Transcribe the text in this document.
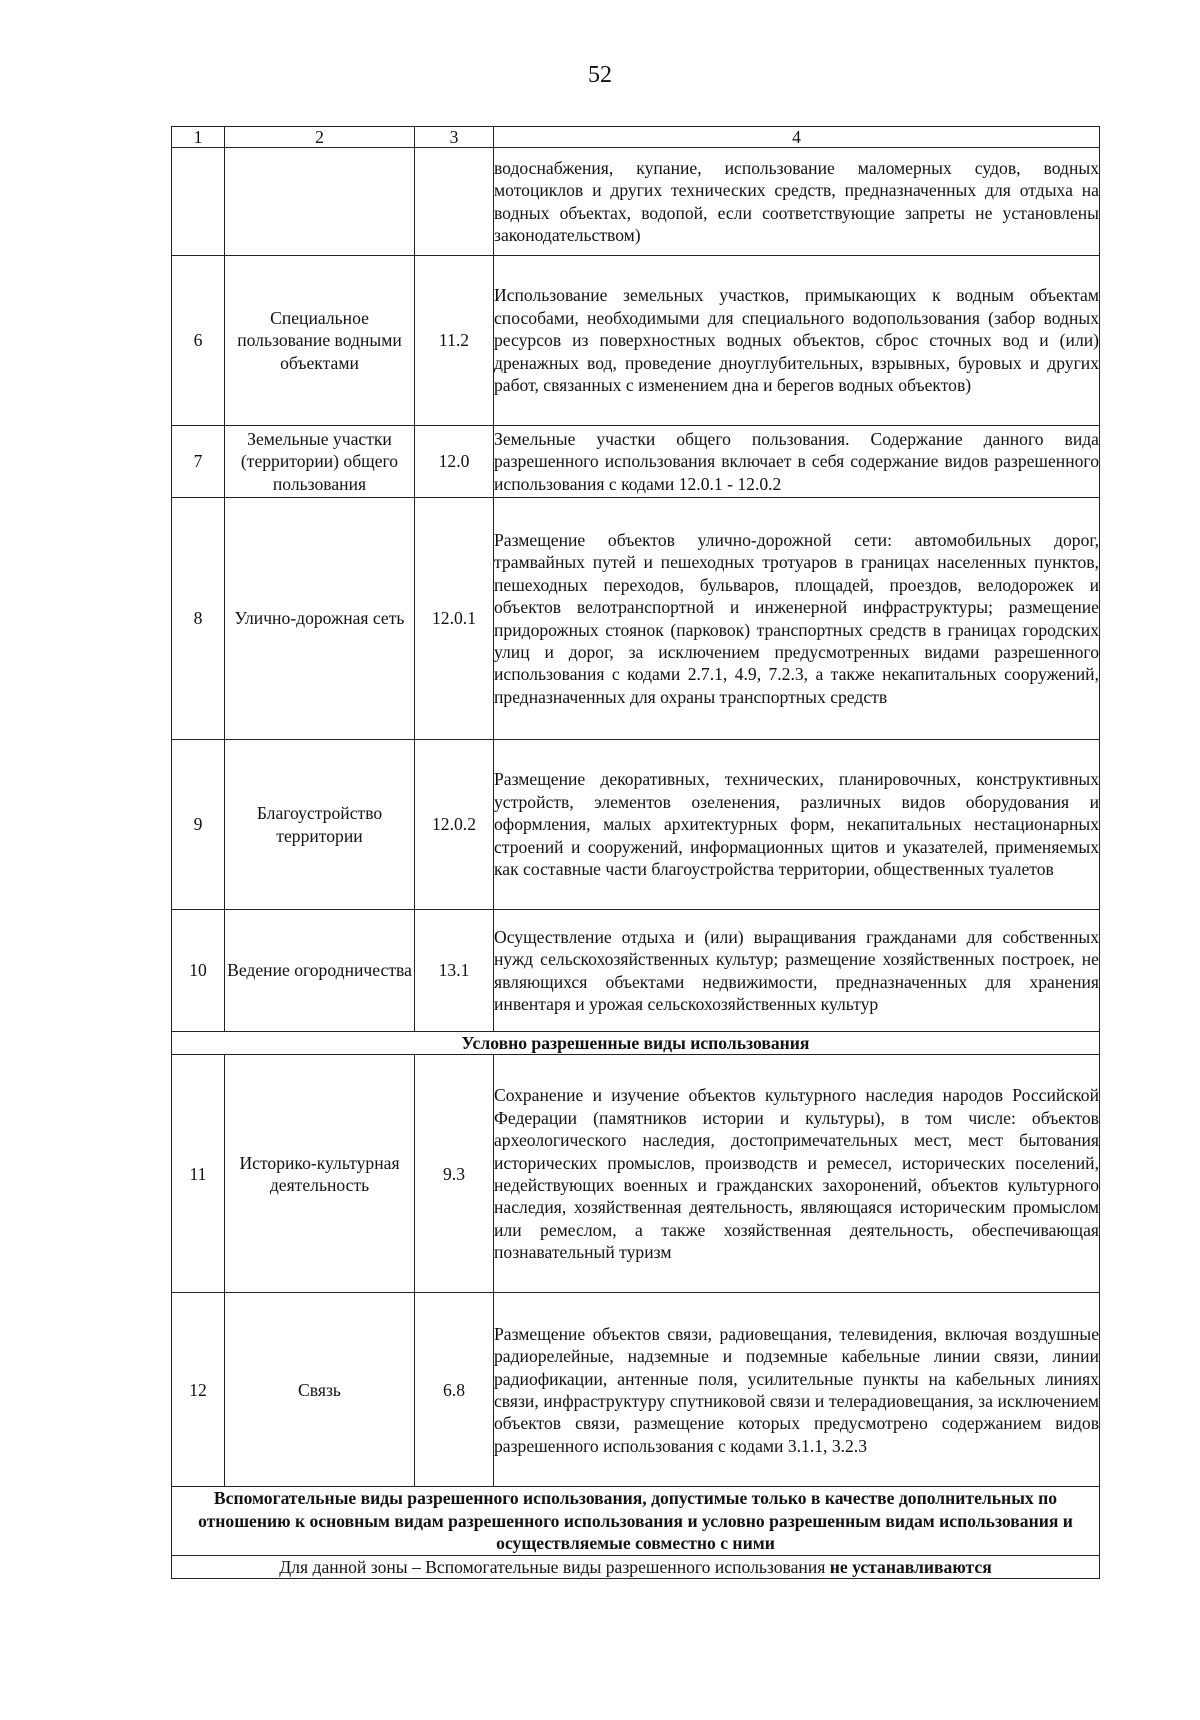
52
1	2	3	4
			водоснабжения, купание, использование маломерных судов, водных мотоциклов и других технических средств, предназначенных для отдыха на водных объектах, водопой, если соответствующие запреты не установлены законодательством)
6	Специальное пользование водными объектами	11.2	Использование земельных участков, примыкающих к водным объектам способами, необходимыми для специального водопользования (забор водных ресурсов из поверхностных водных объектов, сброс сточных вод и (или) дренажных вод, проведение дноуглубительных, взрывных, буровых и других работ, связанных с изменением дна и берегов водных объектов)
7	Земельные участки (территории) общего пользования	12.0	Земельные участки общего пользования. Содержание данного вида разрешенного использования включает в себя содержание видов разрешенного использования с кодами 12.0.1 - 12.0.2
8	Улично-дорожная сеть	12.0.1	Размещение объектов улично-дорожной сети: автомобильных дорог, трамвайных путей и пешеходных тротуаров в границах населенных пунктов, пешеходных переходов, бульваров, площадей, проездов, велодорожек и объектов велотранспортной и инженерной инфраструктуры; размещение придорожных стоянок (парковок) транспортных средств в границах городских улиц и дорог, за исключением предусмотренных видами разрешенного использования с кодами 2.7.1, 4.9, 7.2.3, а также некапитальных сооружений, предназначенных для охраны транспортных средств
9	Благоустройство территории	12.0.2	Размещение декоративных, технических, планировочных, конструктивных устройств, элементов озеленения, различных видов оборудования и оформления, малых архитектурных форм, некапитальных нестационарных строений и сооружений, информационных щитов и указателей, применяемых как составные части благоустройства территории, общественных туалетов
10	Ведение огородничества	13.1	Осуществление отдыха и (или) выращивания гражданами для собственных нужд сельскохозяйственных культур; размещение хозяйственных построек, не являющихся объектами недвижимости, предназначенных для хранения инвентаря и урожая сельскохозяйственных культур
Условно разрешенные виды использования			
11	Историко-культурная деятельность	9.3	Сохранение и изучение объектов культурного наследия народов Российской Федерации (памятников истории и культуры), в том числе: объектов археологического наследия, достопримечательных мест, мест бытования исторических промыслов, производств и ремесел, исторических поселений, недействующих военных и гражданских захоронений, объектов культурного наследия, хозяйственная деятельность, являющаяся историческим промыслом или ремеслом, а также хозяйственная деятельность, обеспечивающая познавательный туризм
12	Связь	6.8	Размещение объектов связи, радиовещания, телевидения, включая воздушные радиорелейные, надземные и подземные кабельные линии связи, линии радиофикации, антенные поля, усилительные пункты на кабельных линиях связи, инфраструктуру спутниковой связи и телерадиовещания, за исключением объектов связи, размещение которых предусмотрено содержанием видов разрешенного использования с кодами 3.1.1, 3.2.3
Вспомогательные виды разрешенного использования, допустимые только в качестве дополнительных по отношению к основным видам разрешенного использования и условно разрешенным видам использования и осуществляемые совместно с ними			
Для данной зоны – Вспомогательные виды разрешенного использования не устанавливаются			
